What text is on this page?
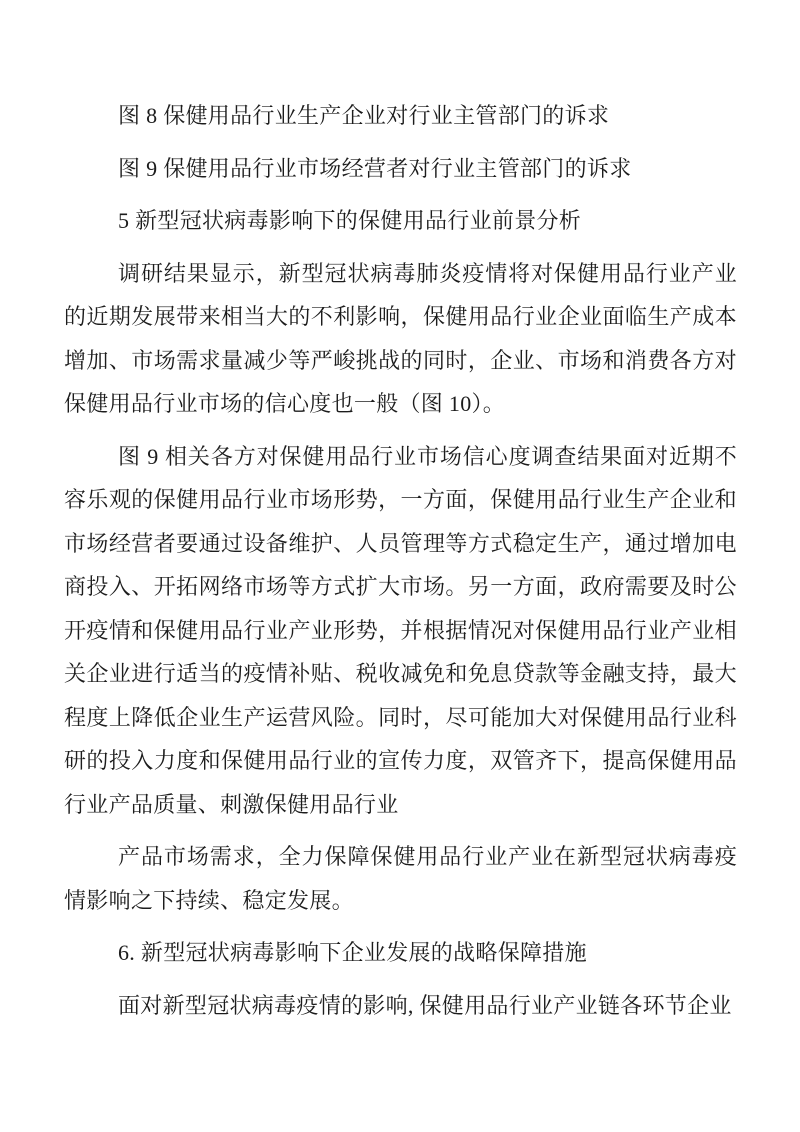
图 8 保健用品行业生产企业对行业主管部门的诉求

图 9 保健用品行业市场经营者对行业主管部门的诉求

5 新型冠状病毒影响下的保健用品行业前景分析

调研结果显示，新型冠状病毒肺炎疫情将对保健用品行业产业的近期发展带来相当大的不利影响，保健用品行业企业面临生产成本增加、市场需求量减少等严峻挑战的同时，企业、市场和消费各方对保健用品行业市场的信心度也一般（图 10）。

图 9 相关各方对保健用品行业市场信心度调查结果面对近期不容乐观的保健用品行业市场形势，一方面，保健用品行业生产企业和市场经营者要通过设备维护、人员管理等方式稳定生产，通过增加电商投入、开拓网络市场等方式扩大市场。另一方面，政府需要及时公开疫情和保健用品行业产业形势，并根据情况对保健用品行业产业相关企业进行适当的疫情补贴、税收减免和免息贷款等金融支持，最大程度上降低企业生产运营风险。同时，尽可能加大对保健用品行业科研的投入力度和保健用品行业的宣传力度，双管齐下，提高保健用品行业产品质量、刺激保健用品行业

产品市场需求，全力保障保健用品行业产业在新型冠状病毒疫情影响之下持续、稳定发展。

6. 新型冠状病毒影响下企业发展的战略保障措施

面对新型冠状病毒疫情的影响, 保健用品行业产业链各环节企业
